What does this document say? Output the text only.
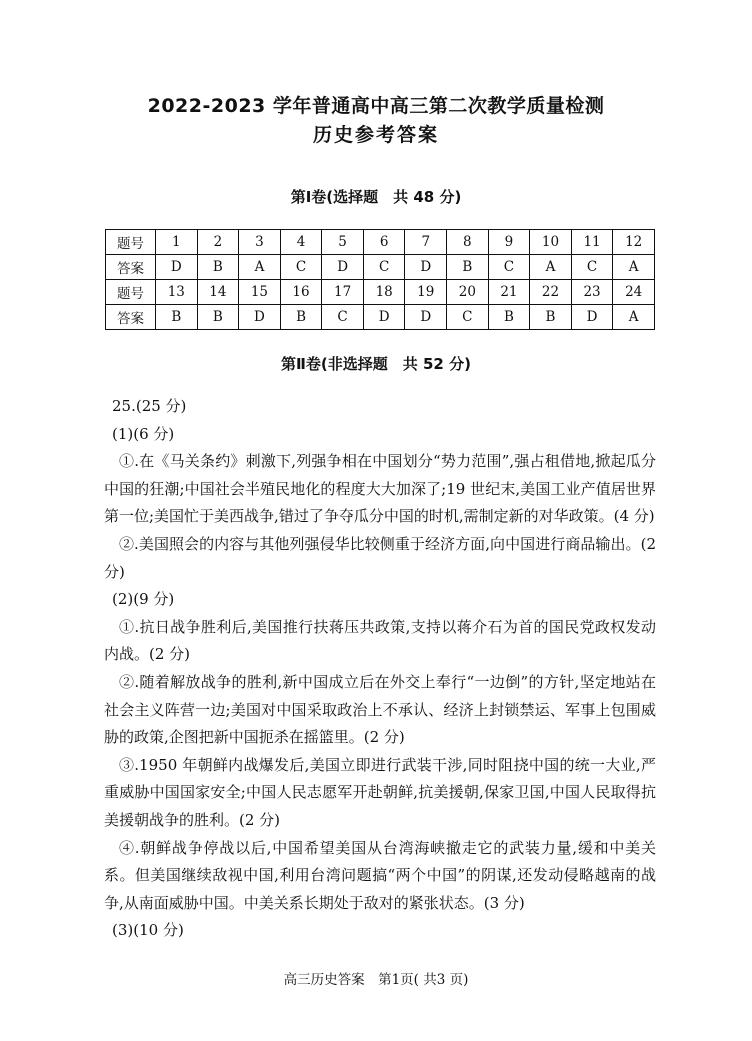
2022-2023 学年普通高中高三第二次教学质量检测
历史参考答案
第Ⅰ卷(选择题　共 48 分)
题号	1	2	3	4	5	6	7	8	9	10	11	12
答案	D	B	A	C	D	C	D	B	C	A	C	A
题号	13	14	15	16	17	18	19	20	21	22	23	24
答案	B	B	D	B	C	D	D	C	B	B	D	A
第Ⅱ卷(非选择题　共 52 分)

25.(25 分)

(1)(6 分)

①.在《马关条约》刺激下,列强争相在中国划分“势力范围”,强占租借地,掀起瓜分中国的狂潮;中国社会半殖民地化的程度大大加深了;19 世纪末,美国工业产值居世界第一位;美国忙于美西战争,错过了争夺瓜分中国的时机,需制定新的对华政策。(4 分)

②.美国照会的内容与其他列强侵华比较侧重于经济方面,向中国进行商品输出。(2 分)

(2)(9 分)

①.抗日战争胜利后,美国推行扶蒋压共政策,支持以蒋介石为首的国民党政权发动内战。(2 分)

②.随着解放战争的胜利,新中国成立后在外交上奉行“一边倒”的方针,坚定地站在社会主义阵营一边;美国对中国采取政治上不承认、经济上封锁禁运、军事上包围威胁的政策,企图把新中国扼杀在摇篮里。(2 分)

③.1950 年朝鲜内战爆发后,美国立即进行武装干涉,同时阻挠中国的统一大业,严重威胁中国国家安全;中国人民志愿军开赴朝鲜,抗美援朝,保家卫国,中国人民取得抗美援朝战争的胜利。(2 分)

④.朝鲜战争停战以后,中国希望美国从台湾海峡撤走它的武装力量,缓和中美关系。但美国继续敌视中国,利用台湾问题搞“两个中国”的阴谋,还发动侵略越南的战争,从南面威胁中国。中美关系长期处于敌对的紧张状态。(3 分)

(3)(10 分)

高三历史答案　第1页( 共3 页)
